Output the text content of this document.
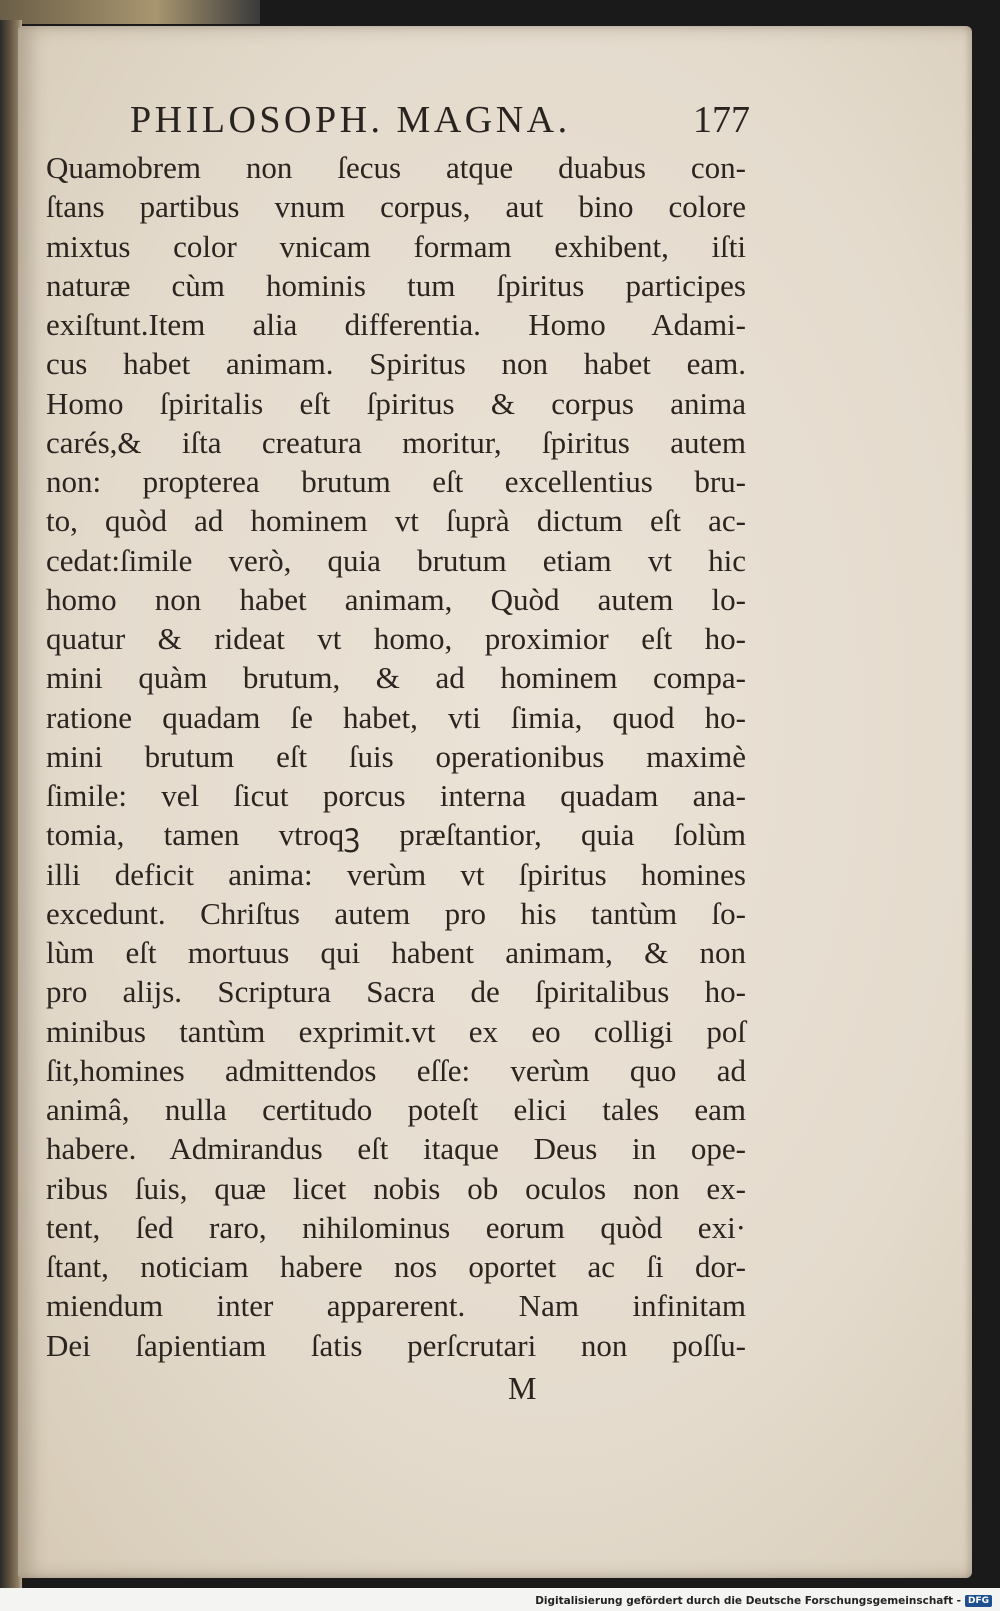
PHILOSOPH. MAGNA.	177
Quamobrem non ſecus atque duabus con-
ſtans partibus vnum corpus, aut bino colore
mixtus color vnicam formam exhibent, iſti
naturæ cùm hominis tum ſpiritus participes
exiſtunt.Item alia differentia. Homo Adami-
cus habet animam. Spiritus non habet eam.
Homo ſpiritalis eſt ſpiritus & corpus anima
carés,& iſta creatura moritur, ſpiritus autem
non: propterea brutum eſt excellentius bru-
to, quòd ad hominem vt ſuprà dictum eſt ac-
cedat:ſimile verò, quia brutum etiam vt hic
homo non habet animam, Quòd autem lo-
quatur & rideat vt homo, proximior eſt ho-
mini quàm brutum, & ad hominem compa-
ratione quadam ſe habet, vti ſimia, quod ho-
mini brutum eſt ſuis operationibus maximè
ſimile: vel ſicut porcus interna quadam ana-
tomia, tamen vtroqꝫ præſtantior, quia ſolùm
illi deficit anima: verùm vt ſpiritus homines
excedunt. Chriſtus autem pro his tantùm ſo-
lùm eſt mortuus qui habent animam, & non
pro alijs. Scriptura Sacra de ſpiritalibus ho-
minibus tantùm exprimit.vt ex eo colligi poſ
ſit,homines admittendos eſſe: verùm quo ad
animâ, nulla certitudo poteſt elici tales eam
habere. Admirandus eſt itaque Deus in ope-
ribus ſuis, quæ licet nobis ob oculos non ex-
tent, ſed raro, nihilominus eorum quòd exi·
ſtant, noticiam habere nos oportet ac ſi dor-
miendum inter apparerent. Nam infinitam
Dei ſapientiam ſatis perſcrutari non poſſu-
M
Digitalisierung gefördert durch die Deutsche Forschungsgemeinschaft - DFG
